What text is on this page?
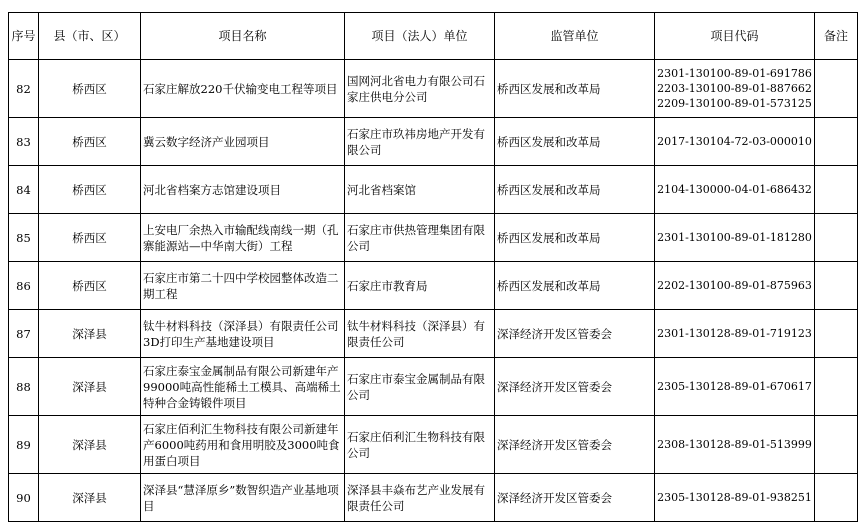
序号	县（市、区）	项目名称	项目（法人）单位	监管单位	项目代码	备注
82	桥西区	石家庄解放220千伏输变电工程等项目	国网河北省电力有限公司石家庄供电分公司	桥西区发展和改革局	2301-130100-89-01-691786
2203-130100-89-01-887662
2209-130100-89-01-573125	

83	桥西区	冀云数字经济产业园项目	石家庄市玖祎房地产开发有限公司	桥西区发展和改革局	2017-130104-72-03-000010	

84	桥西区	河北省档案方志馆建设项目	河北省档案馆	桥西区发展和改革局	2104-130000-04-01-686432	

85	桥西区	上安电厂余热入市输配线南线一期（孔寨能源站—中华南大街）工程	石家庄市供热管理集团有限公司	桥西区发展和改革局	2301-130100-89-01-181280	

86	桥西区	石家庄市第二十四中学校园整体改造二期工程	石家庄市教育局	桥西区发展和改革局	2202-130100-89-01-875963	

87	深泽县	钛牛材料科技（深泽县）有限责任公司3D打印生产基地建设项目	钛牛材料科技（深泽县）有限责任公司	深泽经济开发区管委会	2301-130128-89-01-719123	

88	深泽县	石家庄泰宝金属制品有限公司新建年产99000吨高性能稀土工模具、高端稀土特种合金铸锻件项目	石家庄市泰宝金属制品有限公司	深泽经济开发区管委会	2305-130128-89-01-670617	

89	深泽县	石家庄佰利汇生物科技有限公司新建年产6000吨药用和食用明胶及3000吨食用蛋白项目	石家庄佰利汇生物科技有限公司	深泽经济开发区管委会	2308-130128-89-01-513999	

90	深泽县	深泽县“慧泽原乡”数智织造产业基地项目	深泽县丰焱布艺产业发展有限责任公司	深泽经济开发区管委会	2305-130128-89-01-938251	
